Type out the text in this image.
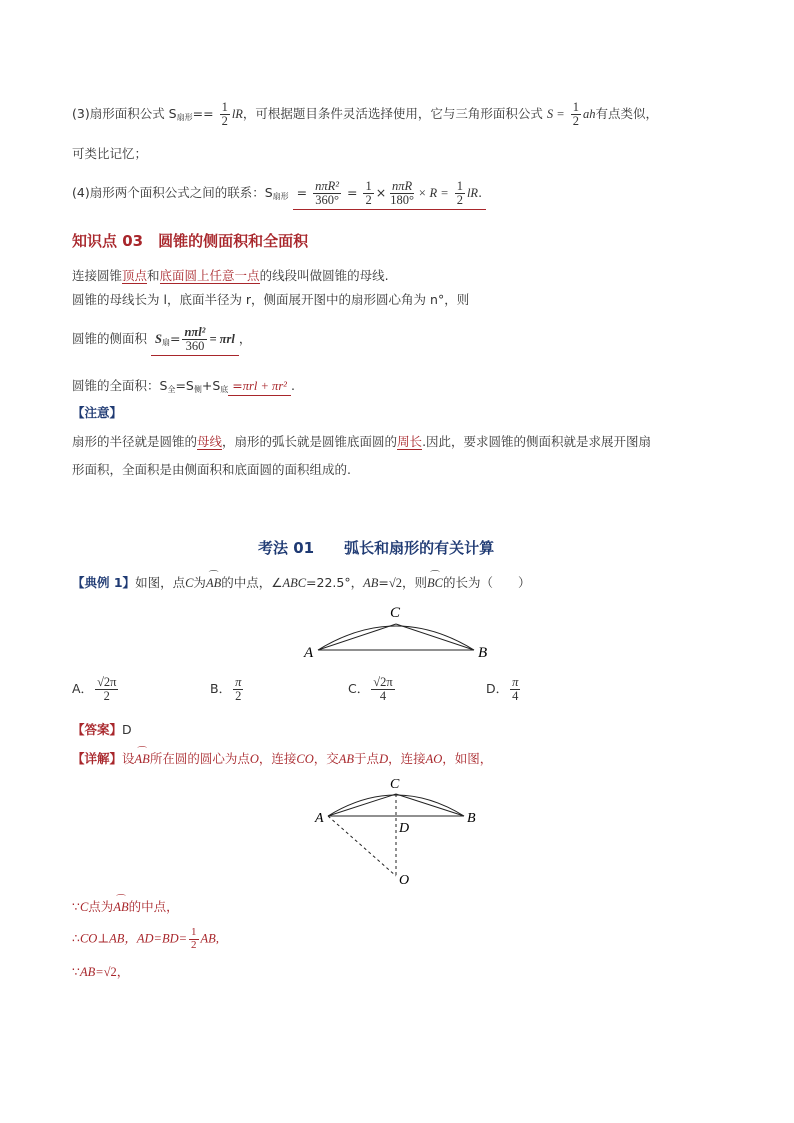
(3)扇形面积公式 $S_{扇形}== \frac{1}{2}$ lR，可根据题目条件灵活选择使用，它与三角形面积公式 $S = \frac{1}{2}$ ah有点类似，
可类比记忆；
(4)扇形两个面积公式之间的联系：$S_{扇形} = \frac{\text{nπR²}}{360^\circ} = \frac{1}{2} \times \frac{\text{nπR}}{180^\circ} \times R = \frac{1}{2}$ lR.
知识点 03　圆锥的侧面积和全面积
连接圆锥顶点和底面圆上任意一点的线段叫做圆锥的母线.
圆锥的母线长为 l，底面半径为 r，侧面展开图中的扇形圆心角为 n°，则
圆锥的侧面积 $S_扇= \frac{\text{nπl²}}{360} = \pi rl$ ，
圆锥的全面积：$S_全=S_侧+S_底 =\pi rl + \pi r^2$ .
【注意】
扇形的半径就是圆锥的母线，扇形的弧长就是圆锥底面圆的周长.因此，要求圆锥的侧面积就是求展开图扇
形面积，全面积是由侧面积和底面圆的面积组成的.
考法 01　　弧长和扇形的有关计算
【典例 1】如图，点C为⌒ AB的中点，∠ABC=22.5°，AB=√2，则⌒ BC的长为（　　）
C
A	B
A． $\frac{√2\pi}{2}$	B． $\frac{\pi}{2}$	C． $\frac{√2\pi}{4}$	D． $\frac{\pi}{4}$
【答案】D
【详解】设⌒ AB所在圆的圆心为点O，连接CO，交AB于点D，连接AO，如图，
C
A	B
D
O
∵C点为⌒ AB的中点，
∴CO⊥AB，$AD=BD= \frac{1}{2}$ AB,
∵AB=√2，
